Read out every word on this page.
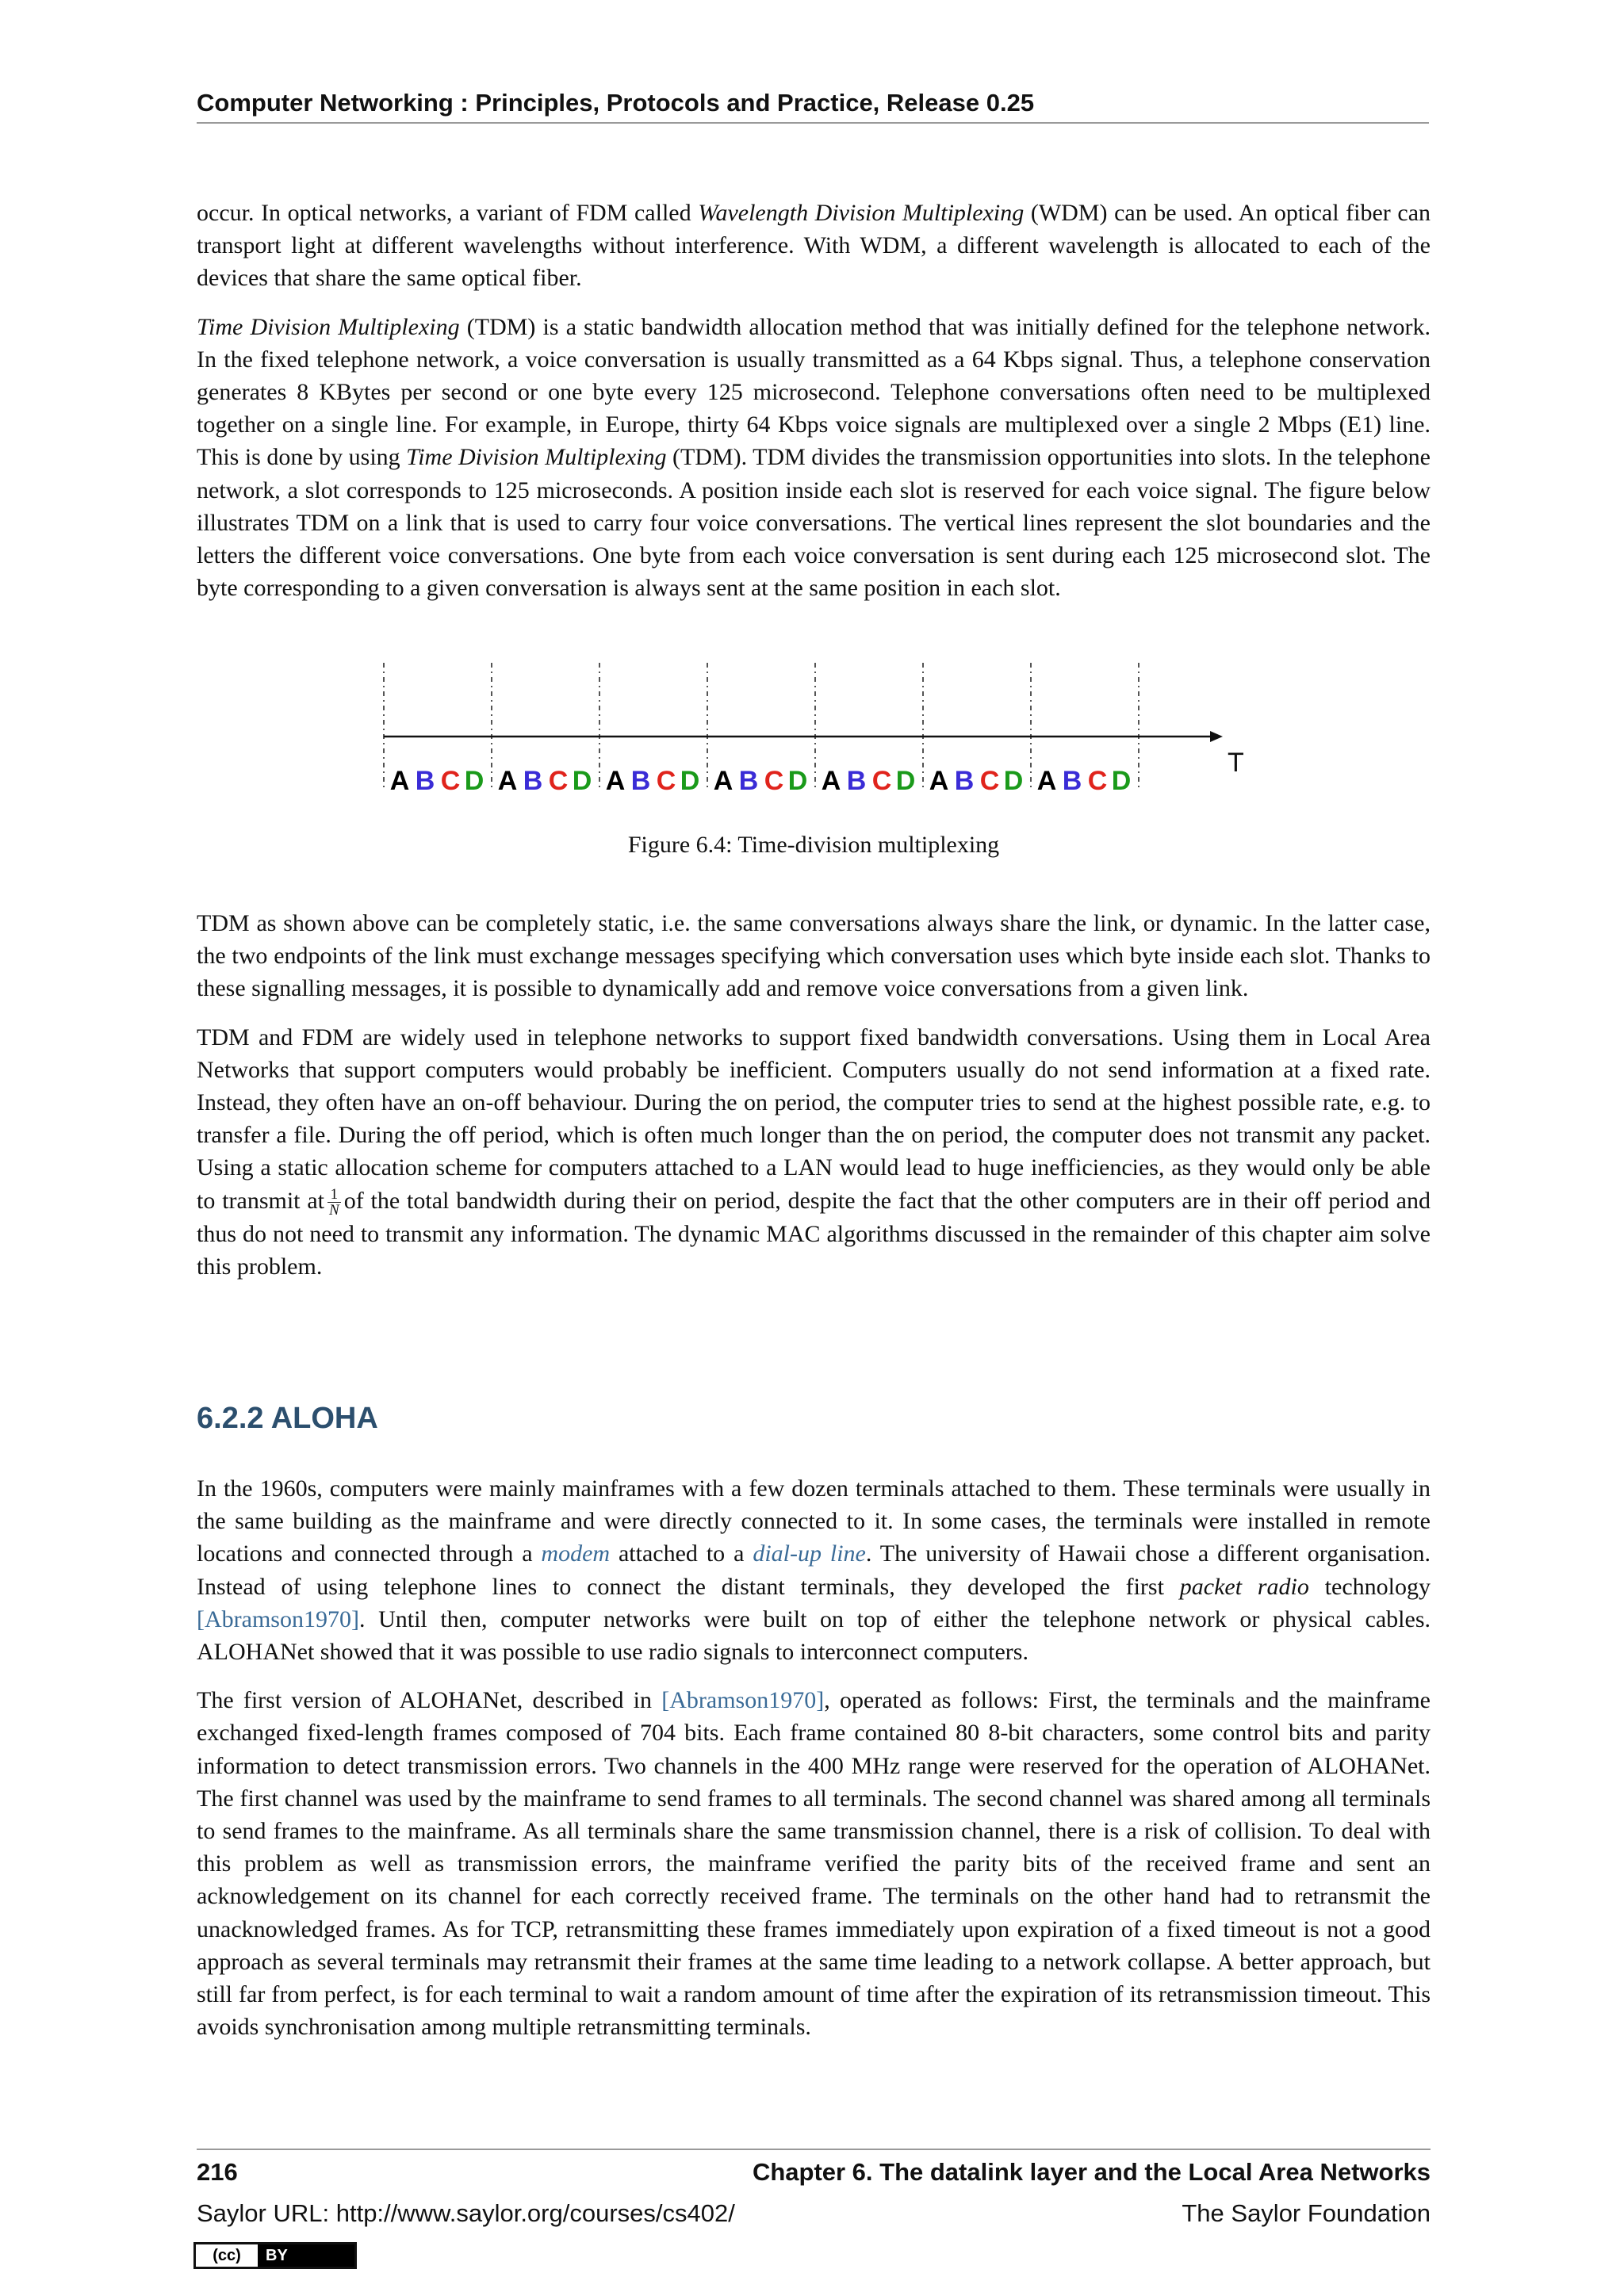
Computer Networking : Principles, Protocols and Practice, Release 0.25

occur. In optical networks, a variant of FDM called Wavelength Division Multiplexing (WDM) can be used. An optical fiber can transport light at different wavelengths without interference. With WDM, a different wavelength is allocated to each of the devices that share the same optical fiber.

Time Division Multiplexing (TDM) is a static bandwidth allocation method that was initially defined for the telephone network. In the fixed telephone network, a voice conversation is usually transmitted as a 64 Kbps signal. Thus, a telephone conservation generates 8 KBytes per second or one byte every 125 microsecond. Telephone conversations often need to be multiplexed together on a single line. For example, in Europe, thirty 64 Kbps voice signals are multiplexed over a single 2 Mbps (E1) line. This is done by using Time Division Multiplexing (TDM). TDM divides the transmission opportunities into slots. In the telephone network, a slot corresponds to 125 microseconds. A position inside each slot is reserved for each voice signal. The figure below illustrates TDM on a link that is used to carry four voice conversations. The vertical lines represent the slot boundaries and the letters the different voice conversations. One byte from each voice conversation is sent during each 125 microsecond slot. The byte corresponding to a given conversation is always sent at the same position in each slot.

T
A B C D A B C D A B C D A B C D A B C D A B C D A B C D
Figure 6.4: Time-division multiplexing

TDM as shown above can be completely static, i.e. the same conversations always share the link, or dynamic. In the latter case, the two endpoints of the link must exchange messages specifying which conversation uses which byte inside each slot. Thanks to these signalling messages, it is possible to dynamically add and remove voice conversations from a given link.

TDM and FDM are widely used in telephone networks to support fixed bandwidth conversations. Using them in Local Area Networks that support computers would probably be inefficient. Computers usually do not send information at a fixed rate. Instead, they often have an on-off behaviour. During the on period, the computer tries to send at the highest possible rate, e.g. to transfer a file. During the off period, which is often much longer than the on period, the computer does not transmit any packet. Using a static allocation scheme for computers attached to a LAN would lead to huge inefficiencies, as they would only be able to transmit at $\frac{1}{N}$ of the total bandwidth during their on period, despite the fact that the other computers are in their off period and thus do not need to transmit any information. The dynamic MAC algorithms discussed in the remainder of this chapter aim solve this problem.

6.2.2 ALOHA

In the 1960s, computers were mainly mainframes with a few dozen terminals attached to them. These terminals were usually in the same building as the mainframe and were directly connected to it. In some cases, the terminals were installed in remote locations and connected through a modem attached to a dial-up line. The university of Hawaii chose a different organisation. Instead of using telephone lines to connect the distant terminals, they developed the first packet radio technology [Abramson1970]. Until then, computer networks were built on top of either the telephone network or physical cables. ALOHANet showed that it was possible to use radio signals to interconnect computers.

The first version of ALOHANet, described in [Abramson1970], operated as follows: First, the terminals and the mainframe exchanged fixed-length frames composed of 704 bits. Each frame contained 80 8-bit characters, some control bits and parity information to detect transmission errors. Two channels in the 400 MHz range were reserved for the operation of ALOHANet. The first channel was used by the mainframe to send frames to all terminals. The second channel was shared among all terminals to send frames to the mainframe. As all terminals share the same transmission channel, there is a risk of collision. To deal with this problem as well as transmission errors, the mainframe verified the parity bits of the received frame and sent an acknowledgement on its channel for each correctly received frame. The terminals on the other hand had to retransmit the unacknowledged frames. As for TCP, retransmitting these frames immediately upon expiration of a fixed timeout is not a good approach as several terminals may retransmit their frames at the same time leading to a network collapse. A better approach, but still far from perfect, is for each terminal to wait a random amount of time after the expiration of its retransmission timeout. This avoids synchronisation among multiple retransmitting terminals.

216	Chapter 6. The datalink layer and the Local Area Networks
Saylor URL: http://www.saylor.org/courses/cs402/	The Saylor Foundation
(cc)	BY
